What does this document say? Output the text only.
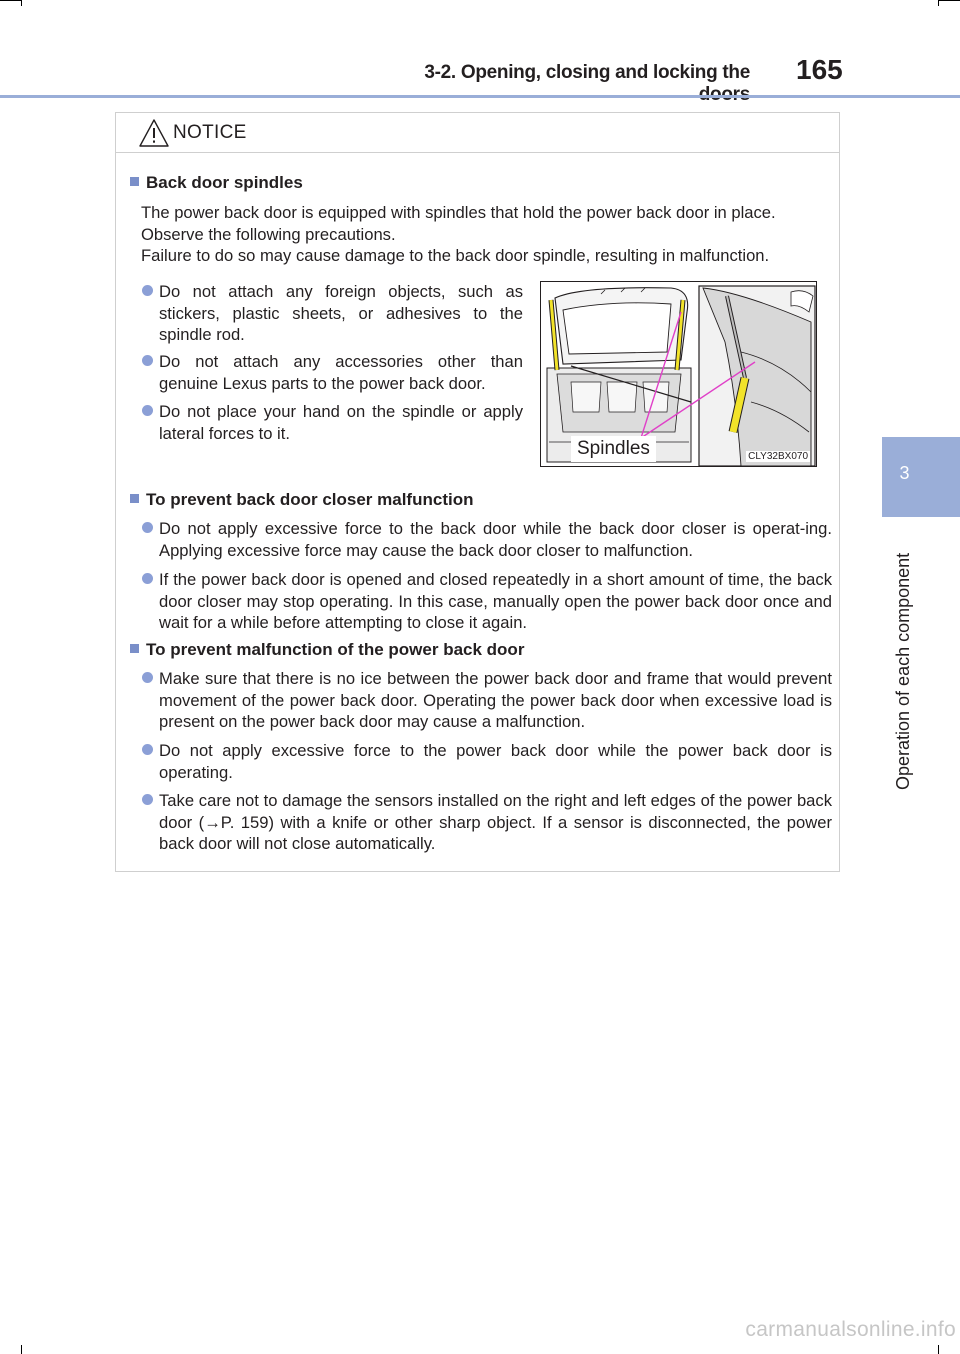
3-2. Opening, closing and locking the 165
3
Operation of each component
NOTICE
Back door spindles
The power back door is equipped with spindles that hold the power back door in place.
Observe the following precautions.
Failure to do so may cause damage to the back door spindle, resulting in malfunction.
Do not attach any foreign objects, such as stickers, plastic sheets, or adhesives to the spindle rod.
Do not attach any accessories other than genuine Lexus parts to the power back door.
Do not place your hand on the spindle or apply lateral forces to it.
To prevent back door closer malfunction
Do not apply excessive force to the back door while the back door closer is operat-ing. Applying excessive force may cause the back door closer to malfunction.
If the power back door is opened and closed repeatedly in a short amount of time, the back door closer may stop operating. In this case, manually open the power back door once and wait for a while before attempting to close it again.
To prevent malfunction of the power back door
Make sure that there is no ice between the power back door and frame that would prevent movement of the power back door. Operating the power back door when excessive load is present on the power back door may cause a malfunction.
Do not apply excessive force to the power back door while the power back door is operating.
Take care not to damage the sensors installed on the right and left edges of the power back door (→P. 159) with a knife or other sharp object. If a sensor is disconnected, the power back door will not close automatically.
Spindles	CLY32BX070
carmanualsonline.info
